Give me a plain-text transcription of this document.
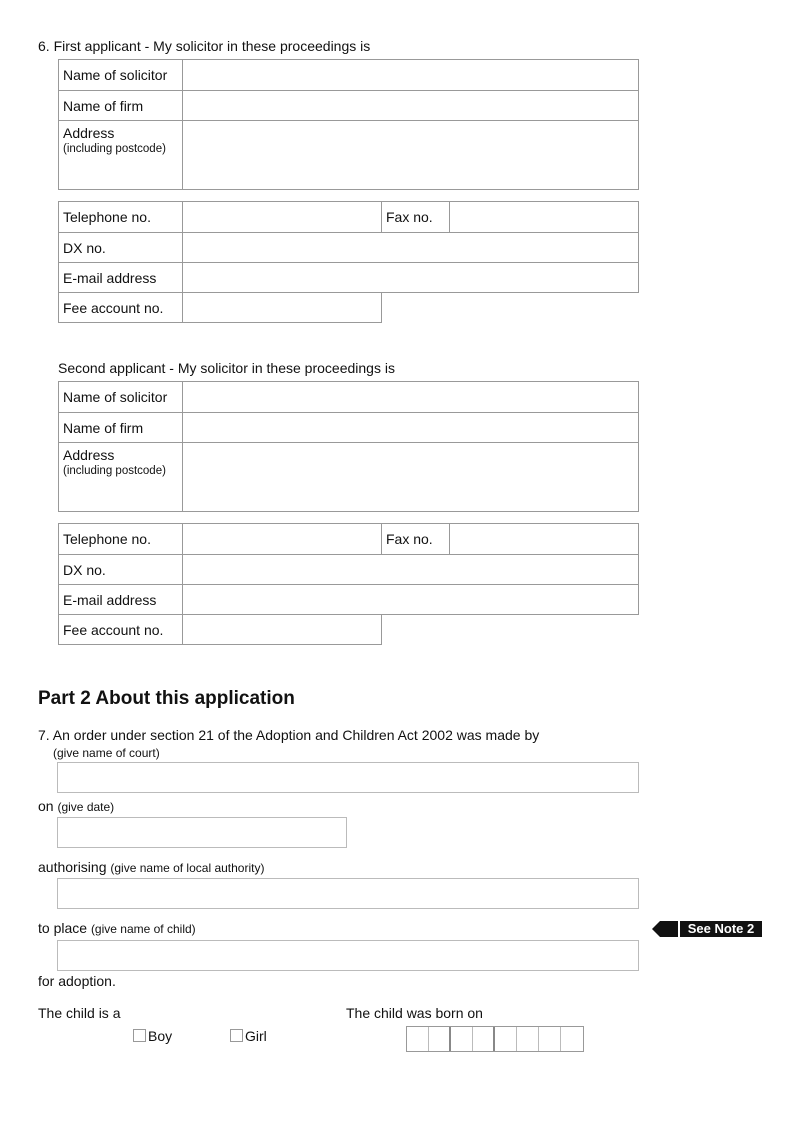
6. First applicant - My solicitor in these proceedings is
Name of solicitor	
Name of firm	
Address
(including postcode)	

Telephone no.		Fax no.	
DX no.			
E-mail address			
Fee account no.			
Second applicant - My solicitor in these proceedings is
Name of solicitor	
Name of firm	
Address
(including postcode)	

Telephone no.		Fax no.	
DX no.			
E-mail address			
Fee account no.			
Part 2 About this application
7. An order under section 21 of the Adoption and Children Act 2002 was made by
(give name of court)
on (give date)
authorising (give name of local authority)
to place (give name of child)	See Note 2
for adoption.
The child is a
Boy	Girl
The child was born on
